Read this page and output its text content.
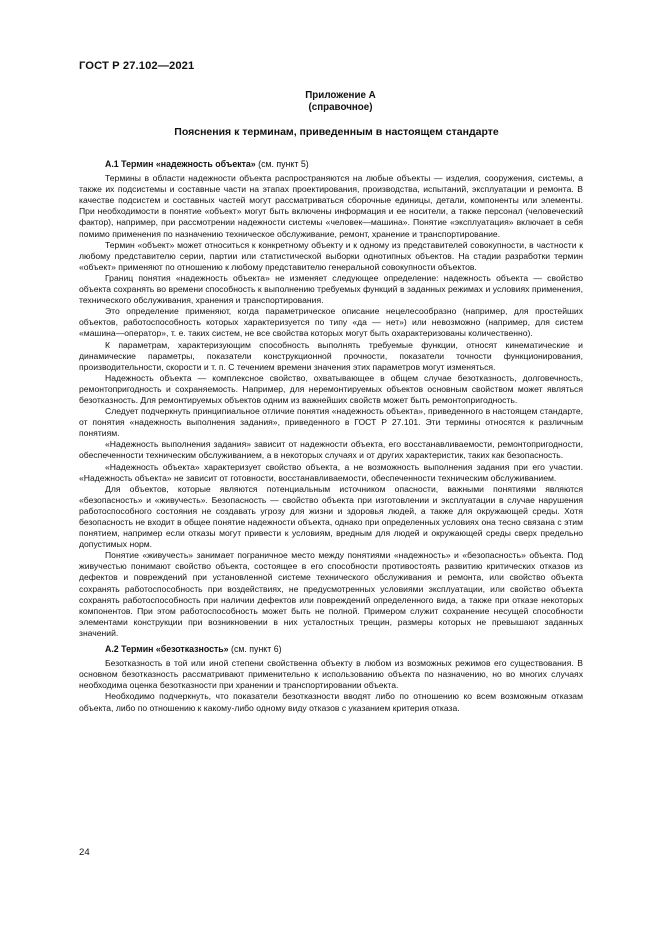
ГОСТ Р 27.102—2021
Приложение А
(справочное)
Пояснения к терминам, приведенным в настоящем стандарте
А.1 Термин «надежность объекта» (см. пункт 5)

Термины в области надежности объекта распространяются на любые объекты — изделия, сооружения, системы, а также их подсистемы и составные части на этапах проектирования, производства, испытаний, эксплуатации и ремонта. В качестве подсистем и составных частей могут рассматриваться сборочные единицы, детали, компоненты или элементы. При необходимости в понятие «объект» могут быть включены информация и ее носители, а также персонал (человеческий фактор), например, при рассмотрении надежности системы «человек—машина». Понятие «эксплуатация» включает в себя помимо применения по назначению техническое обслуживание, ремонт, хранение и транспортирование.

Термин «объект» может относиться к конкретному объекту и к одному из представителей совокупности, в частности к любому представителю серии, партии или статистической выборки однотипных объектов. На стадии разработки термин «объект» применяют по отношению к любому представителю генеральной совокупности объектов.

Границ понятия «надежность объекта» не изменяет следующее определение: надежность объекта — свойство объекта сохранять во времени способность к выполнению требуемых функций в заданных режимах и условиях применения, технического обслуживания, хранения и транспортирования.

Это определение применяют, когда параметрическое описание нецелесообразно (например, для простейших объектов, работоспособность которых характеризуется по типу «да — нет») или невозможно (например, для систем «машина—оператор», т. е. таких систем, не все свойства которых могут быть охарактеризованы количественно).

К параметрам, характеризующим способность выполнять требуемые функции, относят кинематические и динамические параметры, показатели конструкционной прочности, показатели точности функционирования, производительности, скорости и т. п. С течением времени значения этих параметров могут изменяться.

Надежность объекта — комплексное свойство, охватывающее в общем случае безотказность, долговечность, ремонтопригодность и сохраняемость. Например, для неремонтируемых объектов основным свойством может являться безотказность. Для ремонтируемых объектов одним из важнейших свойств может быть ремонтопригодность.

Следует подчеркнуть принципиальное отличие понятия «надежность объекта», приведенного в настоящем стандарте, от понятия «надежность выполнения задания», приведенного в ГОСТ Р 27.101. Эти термины относятся к различным понятиям.

«Надежность выполнения задания» зависит от надежности объекта, его восстанавливаемости, ремонтопригодности, обеспеченности техническим обслуживанием, а в некоторых случаях и от других характеристик, таких как безопасность.

«Надежность объекта» характеризует свойство объекта, а не возможность выполнения задания при его участии. «Надежность объекта» не зависит от готовности, восстанавливаемости, обеспеченности техническим обслуживанием.

Для объектов, которые являются потенциальным источником опасности, важными понятиями являются «безопасность» и «живучесть». Безопасность — свойство объекта при изготовлении и эксплуатации в случае нарушения работоспособного состояния не создавать угрозу для жизни и здоровья людей, а также для окружающей среды. Хотя безопасность не входит в общее понятие надежности объекта, однако при определенных условиях она тесно связана с этим понятием, например если отказы могут привести к условиям, вредным для людей и окружающей среды сверх предельно допустимых норм.

Понятие «живучесть» занимает пограничное место между понятиями «надежность» и «безопасность» объекта. Под живучестью понимают свойство объекта, состоящее в его способности противостоять развитию критических отказов из дефектов и повреждений при установленной системе технического обслуживания и ремонта, или свойство объекта сохранять работоспособность при воздействиях, не предусмотренных условиями эксплуатации, или свойство объекта сохранять работоспособность при наличии дефектов или повреждений определенного вида, а также при отказе некоторых компонентов. При этом работоспособность может быть не полной. Примером служит сохранение несущей способности элементами конструкции при возникновении в них усталостных трещин, размеры которых не превышают заданных значений.

А.2 Термин «безотказность» (см. пункт 6)

Безотказность в той или иной степени свойственна объекту в любом из возможных режимов его существования. В основном безотказность рассматривают применительно к использованию объекта по назначению, но во многих случаях необходима оценка безотказности при хранении и транспортировании объекта.

Необходимо подчеркнуть, что показатели безотказности вводят либо по отношению ко всем возможным отказам объекта, либо по отношению к какому-либо одному виду отказов с указанием критерия отказа.

24
